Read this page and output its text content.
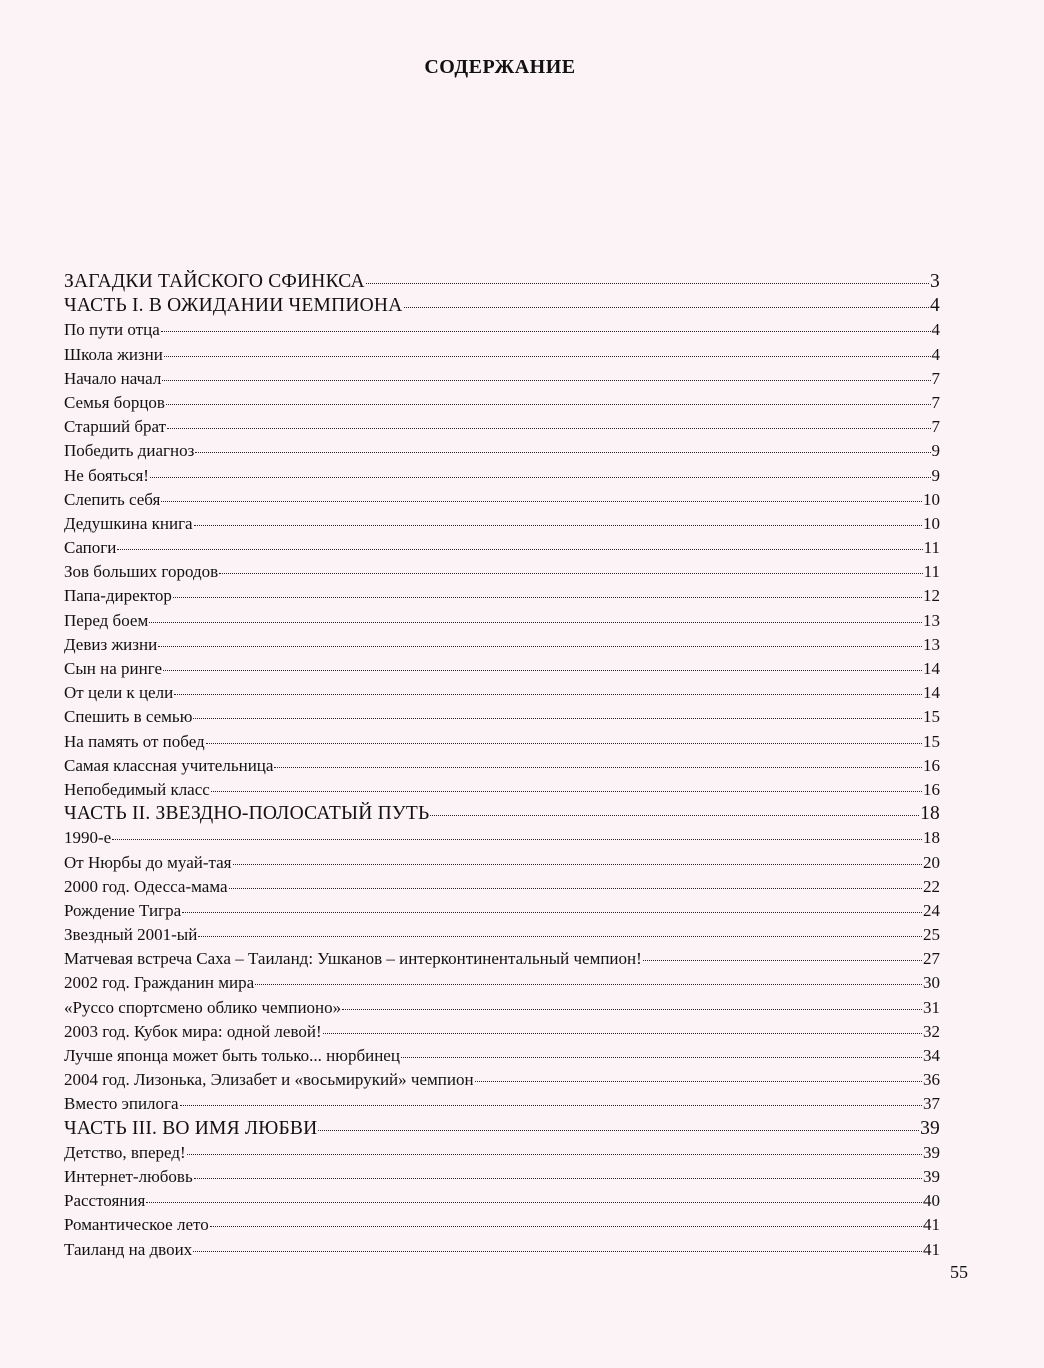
СОДЕРЖАНИЕ
ЗАГАДКИ ТАЙСКОГО СФИНКСА	3
ЧАСТЬ I. В ОЖИДАНИИ ЧЕМПИОНА	4
По пути отца	4
Школа жизни	4
Начало начал	7
Семья борцов	7
Старший брат	7
Победить диагноз	9
Не бояться!	9
Слепить себя	10
Дедушкина книга	10
Сапоги	11
Зов больших городов	11
Папа-директор	12
Перед боем	13
Девиз жизни	13
Сын на ринге	14
От цели к цели	14
Спешить в семью	15
На память от побед	15
Самая классная учительница	16
Непобедимый класс	16
ЧАСТЬ II. ЗВЕЗДНО-ПОЛОСАТЫЙ ПУТЬ	18
1990-е	18
От Нюрбы до муай-тая	20
2000 год. Одесса-мама	22
Рождение Тигра	24
Звездный 2001-ый	25
Матчевая встреча Саха – Таиланд: Ушканов – интерконтинентальный чемпион!	27
2002 год. Гражданин мира	30
«Руссо спортсмено облико чемпионо»	31
2003 год. Кубок мира: одной левой!	32
Лучше японца может быть только... нюрбинец	34
2004 год. Лизонька, Элизабет и «восьмирукий» чемпион	36
Вместо эпилога	37
ЧАСТЬ III. ВО ИМЯ ЛЮБВИ	39
Детство, вперед!	39
Интернет-любовь	39
Расстояния	40
Романтическое лето	41
Таиланд на двоих	41
55
